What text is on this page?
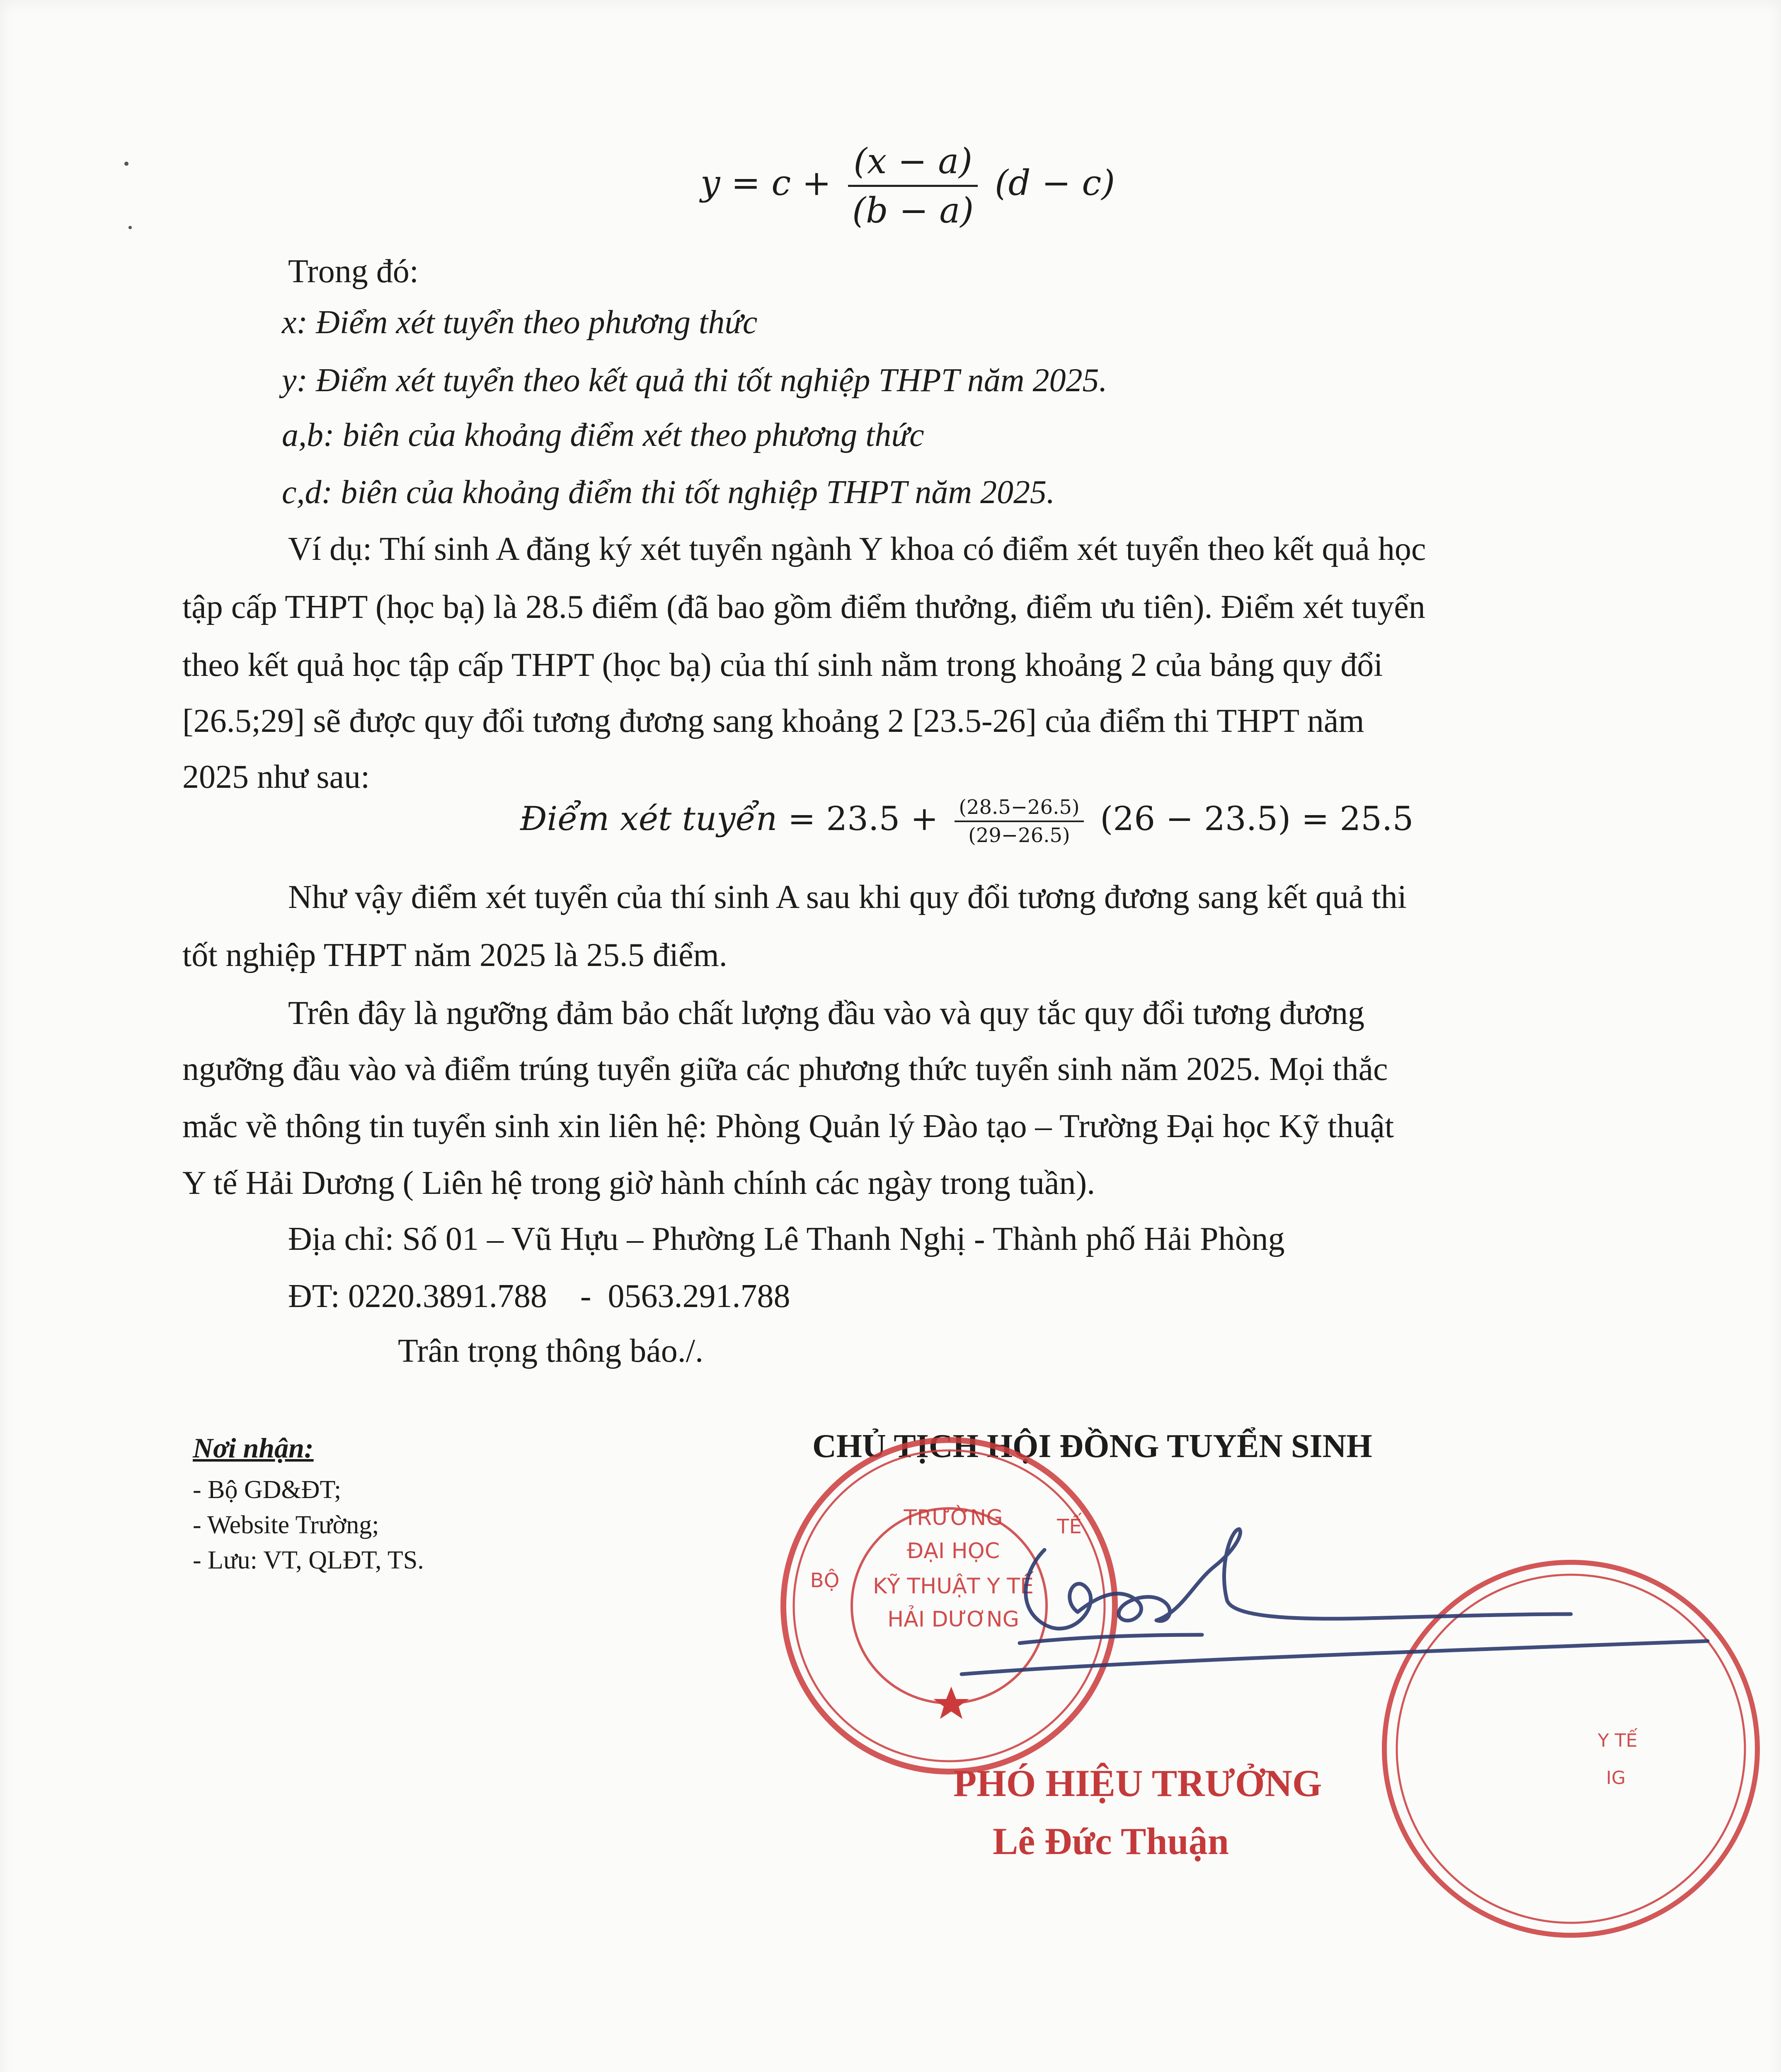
$y = c + \frac{(x - a)}{(b - a)} (d - c)$
Trong đó:
x: Điểm xét tuyển theo phương thức
y: Điểm xét tuyển theo kết quả thi tốt nghiệp THPT năm 2025.
a,b: biên của khoảng điểm xét theo phương thức
c,d: biên của khoảng điểm thi tốt nghiệp THPT năm 2025.
Ví dụ: Thí sinh A đăng ký xét tuyển ngành Y khoa có điểm xét tuyển theo kết quả học
tập cấp THPT (học bạ) là 28.5 điểm (đã bao gồm điểm thưởng, điểm ưu tiên). Điểm xét tuyển
theo kết quả học tập cấp THPT (học bạ) của thí sinh nằm trong khoảng 2 của bảng quy đổi
[26.5;29] sẽ được quy đổi tương đương sang khoảng 2 [23.5-26] của điểm thi THPT năm
2025 như sau:
Điểm xét tuyển = $23.5 + \frac{(28.5-26.5)}{(29-26.5)} (26 - 23.5) = 25.5$
Như vậy điểm xét tuyển của thí sinh A sau khi quy đổi tương đương sang kết quả thi
tốt nghiệp THPT năm 2025 là 25.5 điểm.
Trên đây là ngưỡng đảm bảo chất lượng đầu vào và quy tắc quy đổi tương đương
ngưỡng đầu vào và điểm trúng tuyển giữa các phương thức tuyển sinh năm 2025. Mọi thắc
mắc về thông tin tuyển sinh xin liên hệ: Phòng Quản lý Đào tạo – Trường Đại học Kỹ thuật
Y tế Hải Dương ( Liên hệ trong giờ hành chính các ngày trong tuần).
Địa chỉ: Số 01 – Vũ Hựu – Phường Lê Thanh Nghị - Thành phố Hải Phòng
ĐT: 0220.3891.788    -  0563.291.788
Trân trọng thông báo./.
Nơi nhận:
- Bộ GD&ĐT;
- Website Trường;
- Lưu: VT, QLĐT, TS.
CHỦ TỊCH HỘI ĐỒNG TUYỂN SINH
TRƯỜNG
ĐẠI HỌC
KỸ THUẬT Y TẾ
HẢI DƯƠNG
BỘ
TẾ
Y TẾ
IG
PHÓ HIỆU TRƯỞNG
Lê Đức Thuận
